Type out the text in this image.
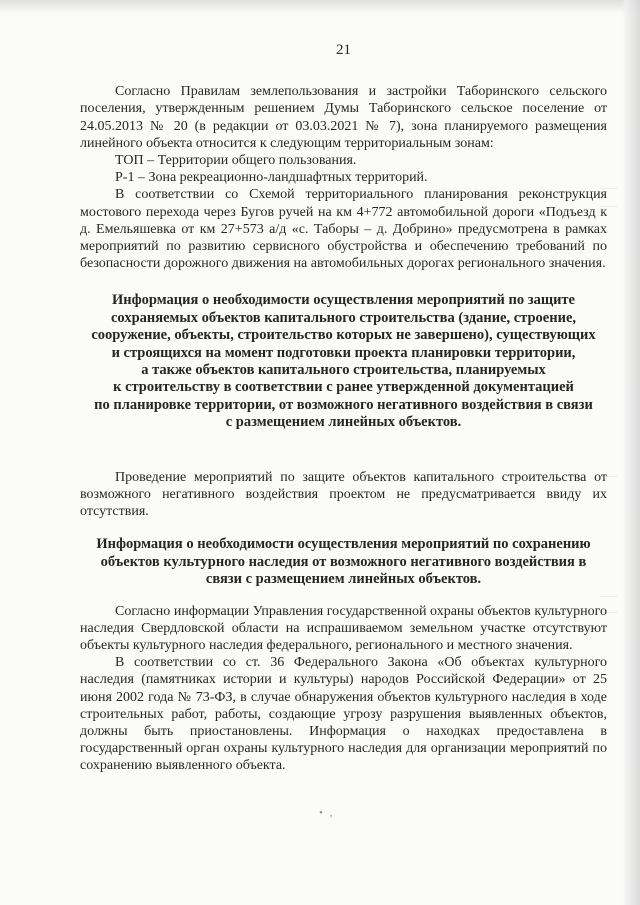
21

Согласно Правилам землепользования и застройки Таборинского сельского поселения, утвержденным решением Думы Таборинского сельское поселение от 24.05.2013 № 20 (в редакции от 03.03.2021 № 7), зона планируемого размещения линейного объекта относится к следующим территориальным зонам:

ТОП – Территории общего пользования.

Р-1 – Зона рекреационно-ландшафтных территорий.

В соответствии со Схемой территориального планирования реконструкция мостового перехода через Бугов ручей на км 4+772 автомобильной дороги «Подъезд к д. Емельяшевка от км 27+573 а/д «с. Таборы – д. Добрино» предусмотрена в рамках мероприятий по развитию сервисного обустройства и обеспечению требований по безопасности дорожного движения на автомобильных дорогах регионального значения.

Информация о необходимости осуществления мероприятий по защите
сохраняемых объектов капитального строительства (здание, строение,
сооружение, объекты, строительство которых не завершено), существующих
и строящихся на момент подготовки проекта планировки территории,
а также объектов капитального строительства, планируемых
к строительству в соответствии с ранее утвержденной документацией
по планировке территории, от возможного негативного воздействия в связи
с размещением линейных объектов.

Проведение мероприятий по защите объектов капитального строительства от возможного негативного воздействия проектом не предусматривается ввиду их отсутствия.

Информация о необходимости осуществления мероприятий по сохранению
объектов культурного наследия от возможного негативного воздействия в
связи с размещением линейных объектов.

Согласно информации Управления государственной охраны объектов культурного наследия Свердловской области на испрашиваемом земельном участке отсутствуют объекты культурного наследия федерального, регионального и местного значения.

В соответствии со ст. 36 Федерального Закона «Об объектах культурного наследия (памятниках истории и культуры) народов Российской Федерации» от 25 июня 2002 года № 73-ФЗ, в случае обнаружения объектов культурного наследия в ходе строительных работ, работы, создающие угрозу разрушения выявленных объектов, должны быть приостановлены. Информация о находках предоставлена в государственный орган охраны культурного наследия для организации мероприятий по сохранению выявленного объекта.

• ,
